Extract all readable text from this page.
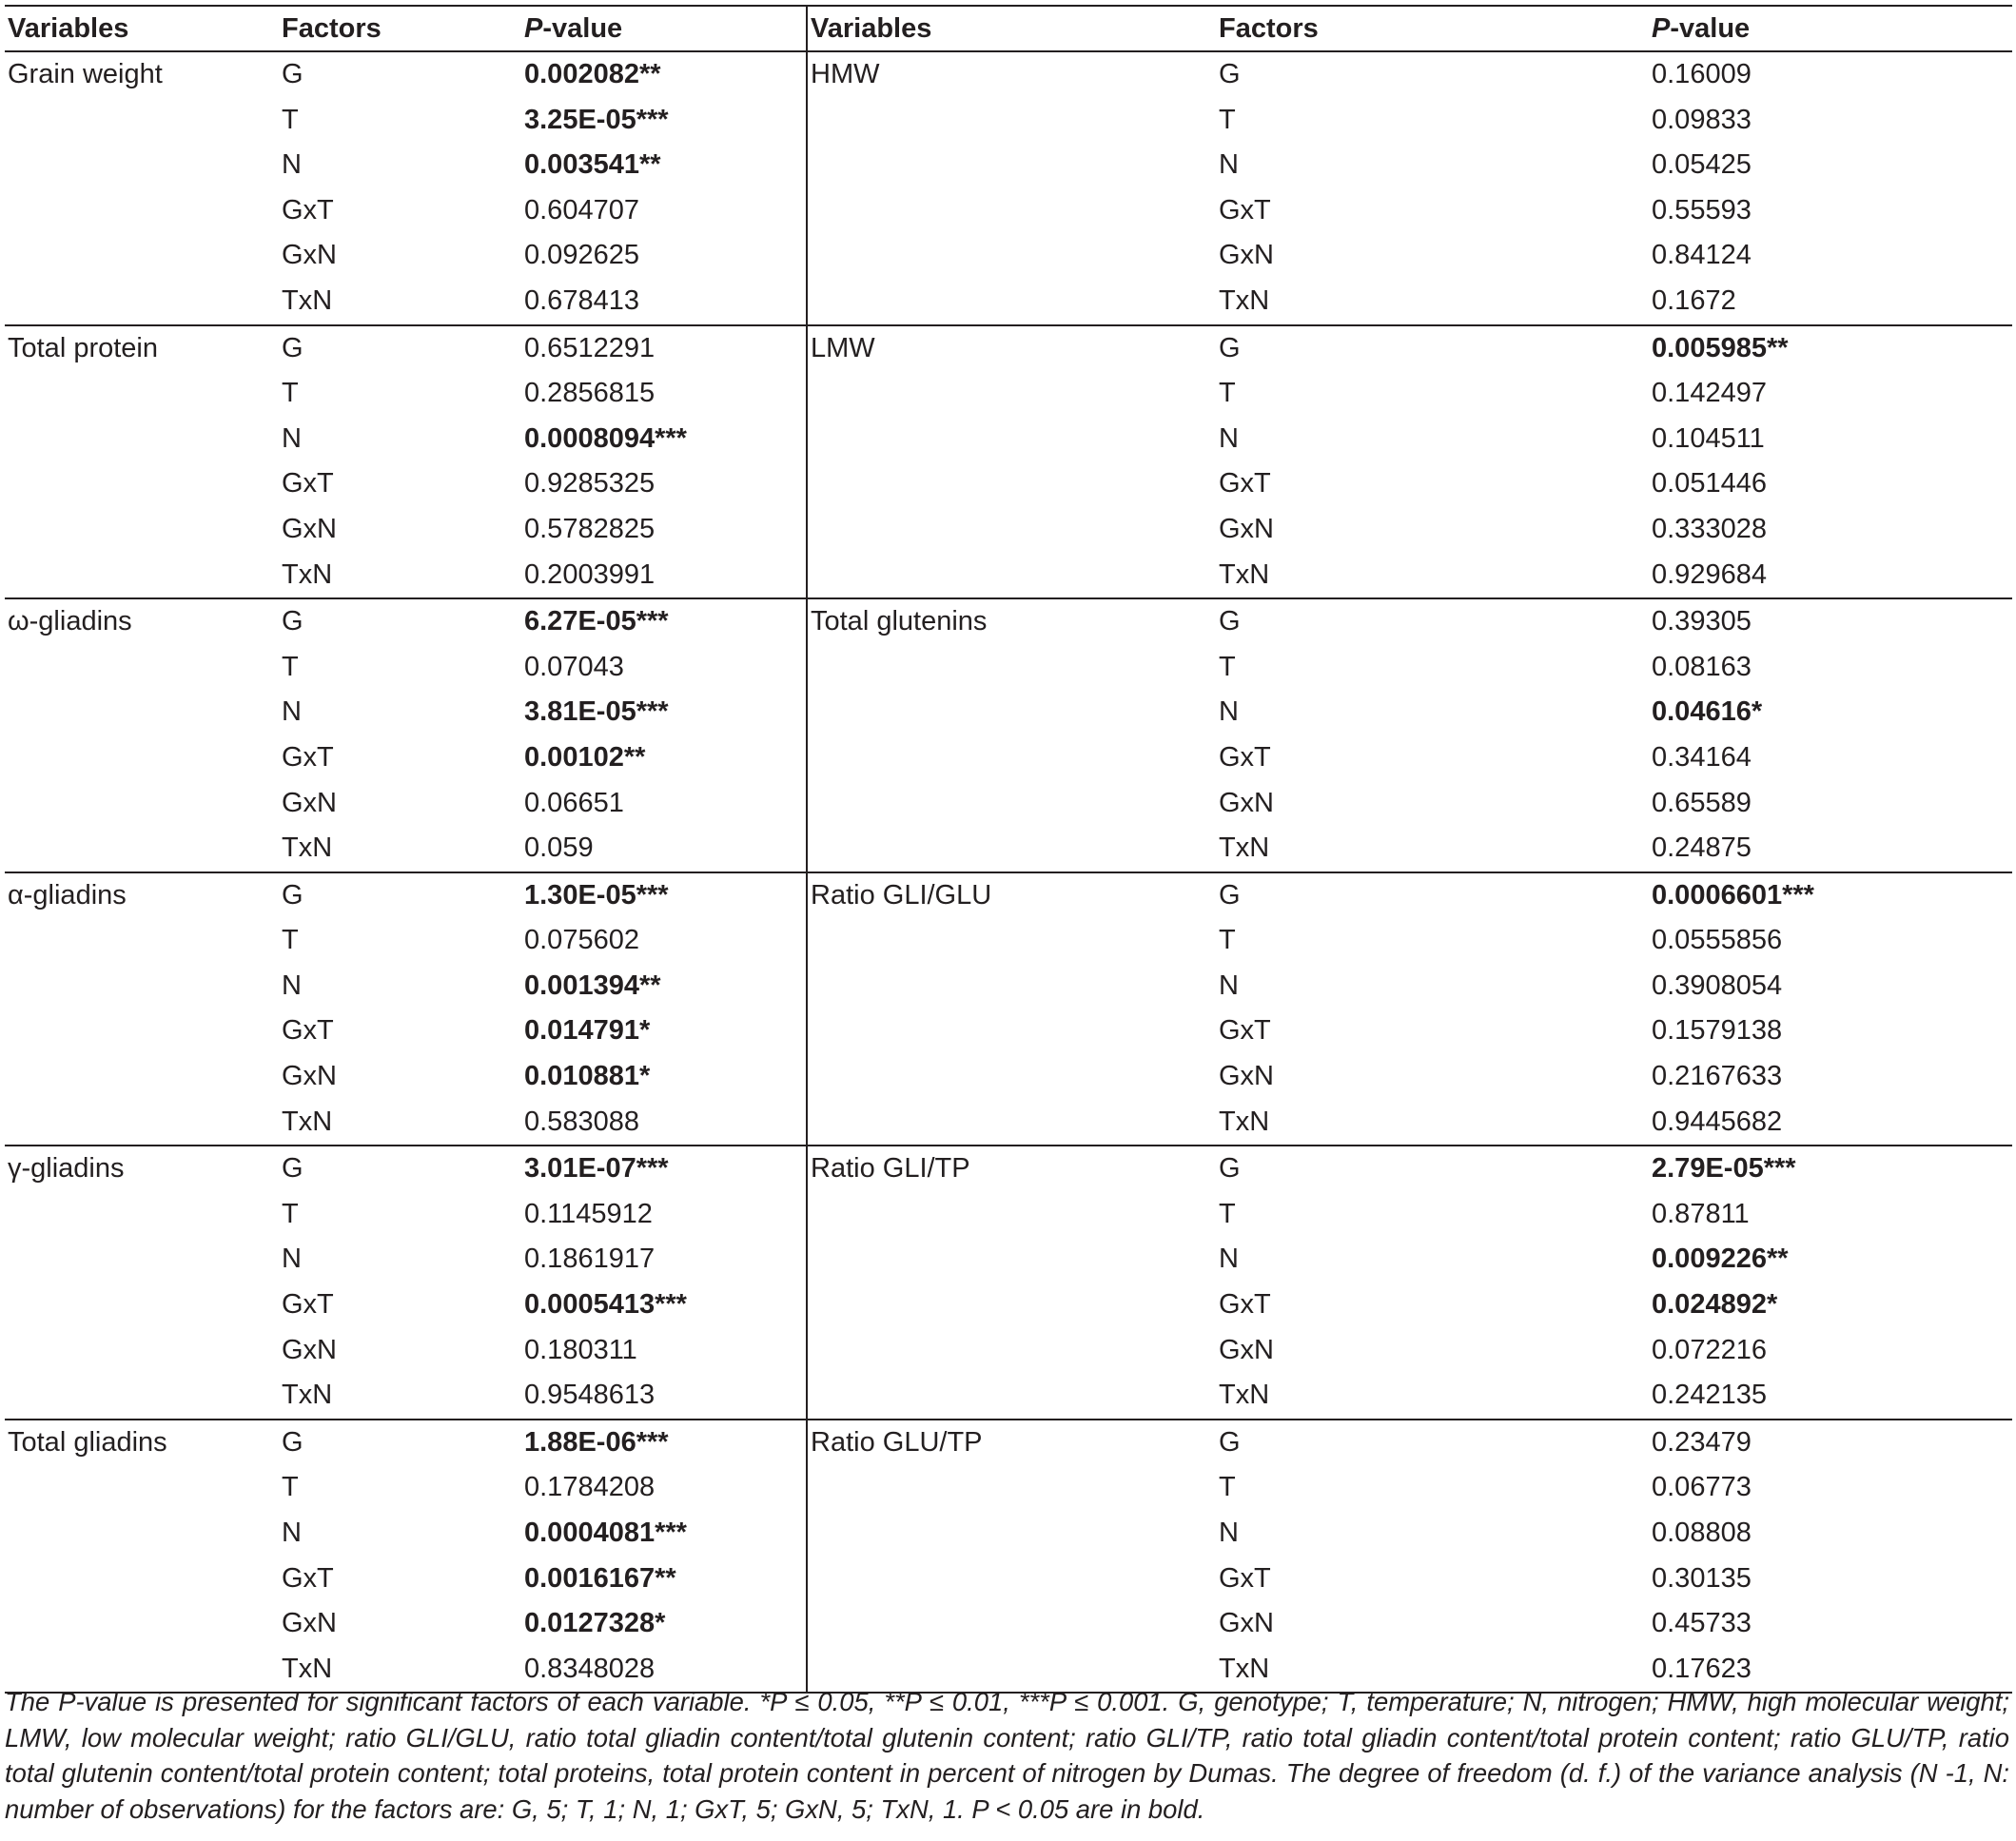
Variables	Factors	P-value	Variables	Factors	P-value
Grain weight	G	0.002082**	HMW	G	0.16009
	T	3.25E-05***		T	0.09833
	N	0.003541**		N	0.05425
	GxT	0.604707		GxT	0.55593
	GxN	0.092625		GxN	0.84124
	TxN	0.678413		TxN	0.1672
Total protein	G	0.6512291	LMW	G	0.005985**
	T	0.2856815		T	0.142497
	N	0.0008094***		N	0.104511
	GxT	0.9285325		GxT	0.051446
	GxN	0.5782825		GxN	0.333028
	TxN	0.2003991		TxN	0.929684
ω-gliadins	G	6.27E-05***	Total glutenins	G	0.39305
	T	0.07043		T	0.08163
	N	3.81E-05***		N	0.04616*
	GxT	0.00102**		GxT	0.34164
	GxN	0.06651		GxN	0.65589
	TxN	0.059		TxN	0.24875
α-gliadins	G	1.30E-05***	Ratio GLI/GLU	G	0.0006601***
	T	0.075602		T	0.0555856
	N	0.001394**		N	0.3908054
	GxT	0.014791*		GxT	0.1579138
	GxN	0.010881*		GxN	0.2167633
	TxN	0.583088		TxN	0.9445682
γ-gliadins	G	3.01E-07***	Ratio GLI/TP	G	2.79E-05***
	T	0.1145912		T	0.87811
	N	0.1861917		N	0.009226**
	GxT	0.0005413***		GxT	0.024892*
	GxN	0.180311		GxN	0.072216
	TxN	0.9548613		TxN	0.242135
Total gliadins	G	1.88E-06***	Ratio GLU/TP	G	0.23479
	T	0.1784208		T	0.06773
	N	0.0004081***		N	0.08808
	GxT	0.0016167**		GxT	0.30135
	GxN	0.0127328*		GxN	0.45733
	TxN	0.8348028		TxN	0.17623

The P-value is presented for significant factors of each variable. *P ≤ 0.05, **P ≤ 0.01, ***P ≤ 0.001. G, genotype; T, temperature; N, nitrogen; HMW, high molecular weight; LMW, low molecular weight; ratio GLI/GLU, ratio total gliadin content/total glutenin content; ratio GLI/TP, ratio total gliadin content/total protein content; ratio GLU/TP, ratio total glutenin content/total protein content; total proteins, total protein content in percent of nitrogen by Dumas. The degree of freedom (d. f.) of the variance analysis (N -1, N: number of observations) for the factors are: G, 5; T, 1; N, 1; GxT, 5; GxN, 5; TxN, 1. P < 0.05 are in bold.
